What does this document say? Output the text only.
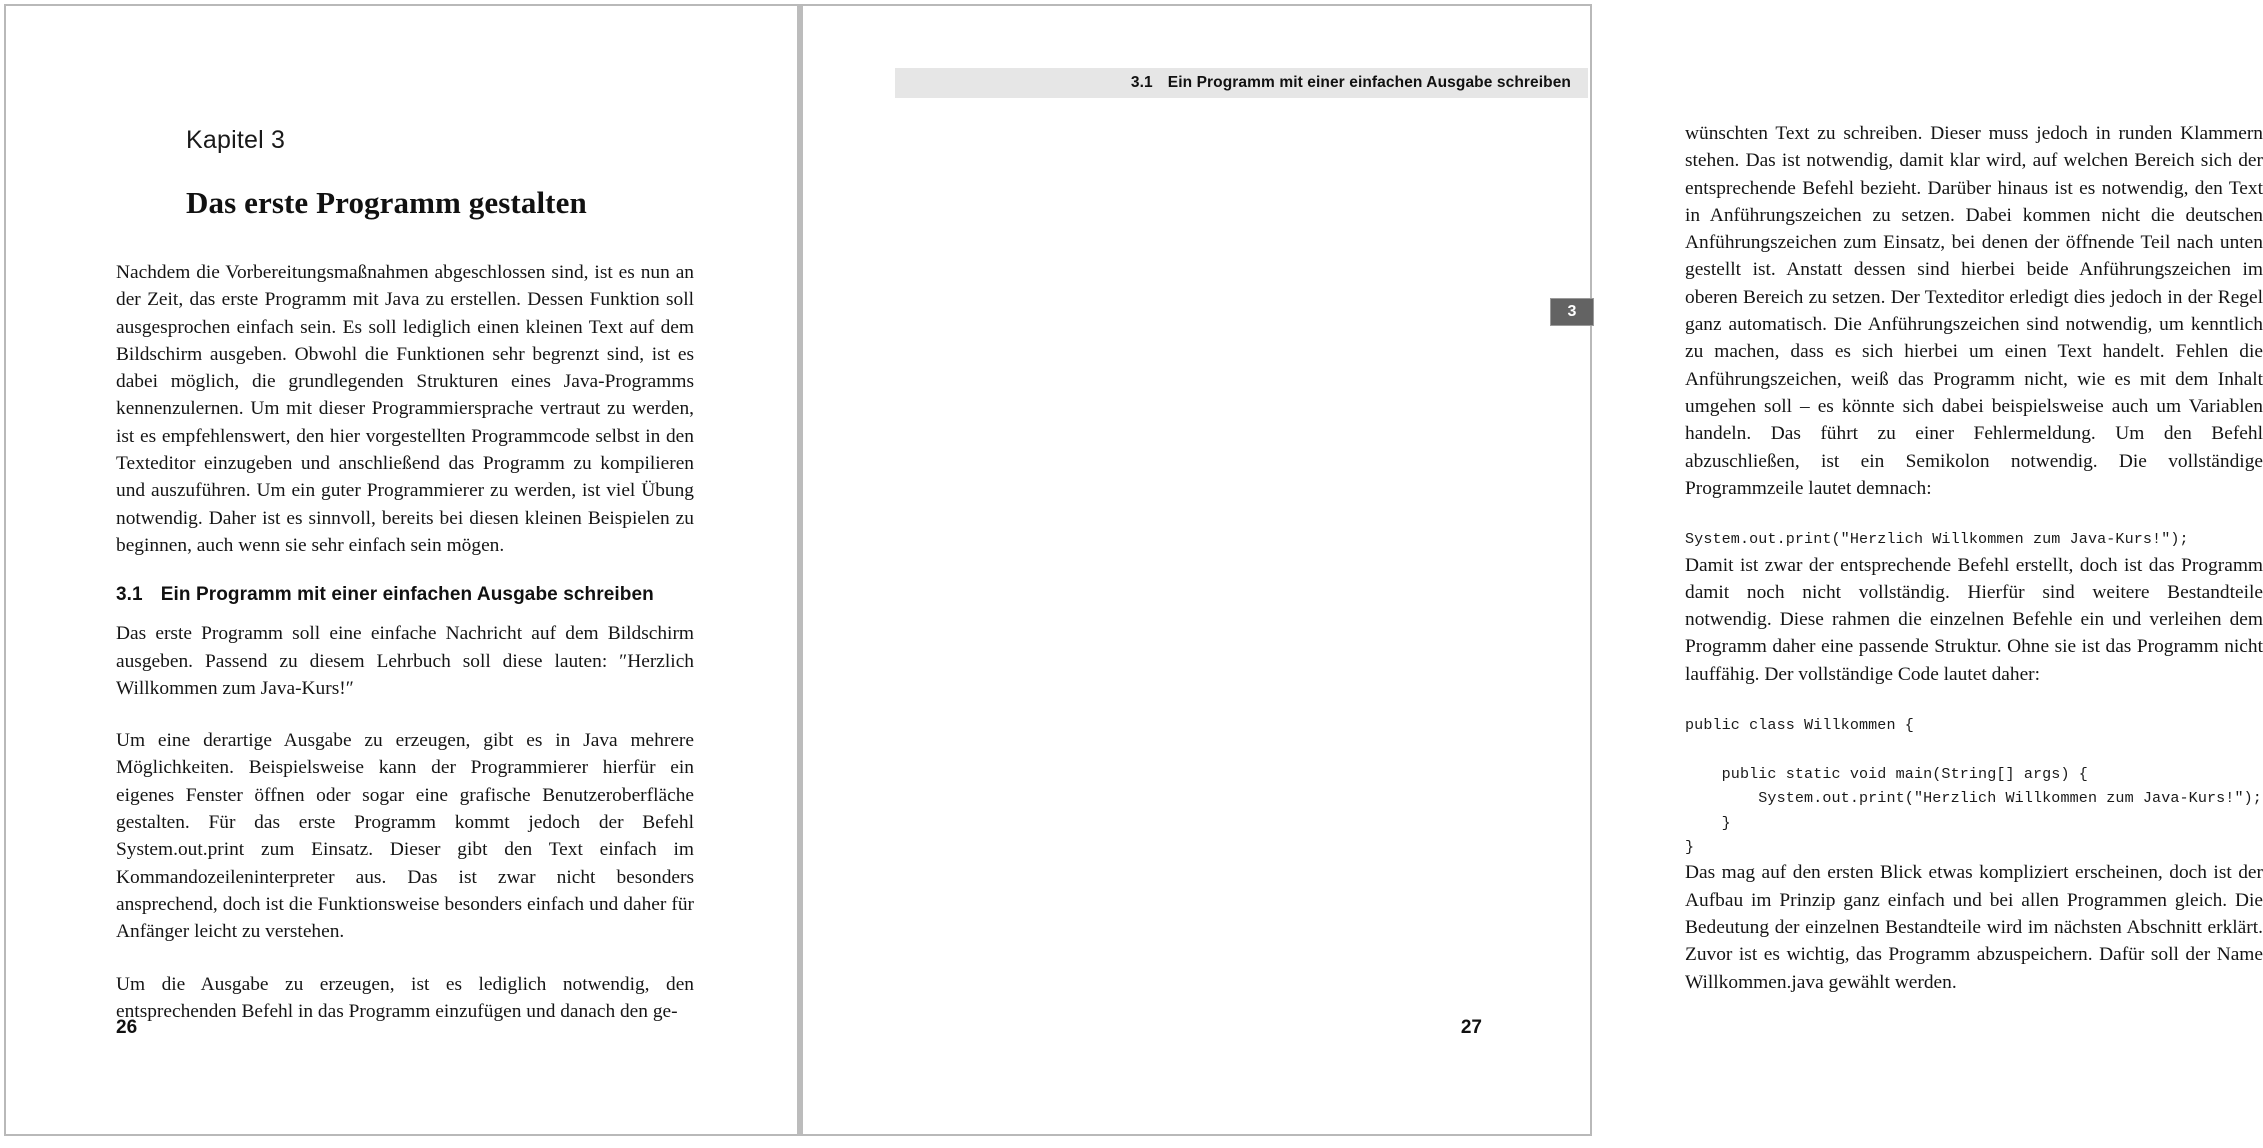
Kapitel 3
Das erste Programm gestalten

Nachdem die Vorbereitungsmaßnahmen abgeschlossen sind, ist es nun an der Zeit, das erste Programm mit Java zu erstellen. Dessen Funktion soll ausgesprochen einfach sein. Es soll lediglich einen kleinen Text auf dem Bildschirm ausgeben. Obwohl die Funktionen sehr begrenzt sind, ist es dabei möglich, die grundlegenden Strukturen eines Java-Programms kennenzulernen. Um mit dieser Programmiersprache vertraut zu werden, ist es empfehlenswert, den hier vorgestellten Programmcode selbst in den Texteditor einzugeben und anschließend das Programm zu kompilieren und auszuführen. Um ein guter Programmierer zu werden, ist viel Übung notwendig. Daher ist es sinnvoll, bereits bei diesen kleinen Beispielen zu beginnen, auch wenn sie sehr einfach sein mögen.

3.1 Ein Programm mit einer einfachen Ausgabe schreiben

Das erste Programm soll eine einfache Nachricht auf dem Bildschirm ausgeben. Passend zu diesem Lehrbuch soll diese lauten: ″Herzlich Willkommen zum Java-Kurs!″

Um eine derartige Ausgabe zu erzeugen, gibt es in Java mehrere Möglichkeiten. Beispielsweise kann der Programmierer hierfür ein eigenes Fenster öffnen oder sogar eine grafische Benutzeroberfläche gestalten. Für das erste Programm kommt jedoch der Befehl System.out.print zum Einsatz. Dieser gibt den Text einfach im Kommandozeileninterpreter aus. Das ist zwar nicht besonders ansprechend, doch ist die Funktionsweise besonders einfach und daher für Anfänger leicht zu verstehen.

Um die Ausgabe zu erzeugen, ist es lediglich notwendig, den entsprechenden Befehl in das Programm einzufügen und danach den ge-

26
3.1 Ein Programm mit einer einfachen Ausgabe schreiben
3

wünschten Text zu schreiben. Dieser muss jedoch in runden Klammern stehen. Das ist notwendig, damit klar wird, auf welchen Bereich sich der entsprechende Befehl bezieht. Darüber hinaus ist es notwendig, den Text in Anführungszeichen zu setzen. Dabei kommen nicht die deutschen Anführungszeichen zum Einsatz, bei denen der öffnende Teil nach unten gestellt ist. Anstatt dessen sind hierbei beide Anführungszeichen im oberen Bereich zu setzen. Der Texteditor erledigt dies jedoch in der Regel ganz automatisch. Die Anführungszeichen sind notwendig, um kenntlich zu machen, dass es sich hierbei um einen Text handelt. Fehlen die Anführungszeichen, weiß das Programm nicht, wie es mit dem Inhalt umgehen soll – es könnte sich dabei beispielsweise auch um Variablen handeln. Das führt zu einer Fehlermeldung. Um den Befehl abzuschließen, ist ein Semikolon notwendig. Die vollständige Programmzeile lautet demnach:

System.out.print("Herzlich Willkommen zum Java-Kurs!");

Damit ist zwar der entsprechende Befehl erstellt, doch ist das Programm damit noch nicht vollständig. Hierfür sind weitere Bestandteile notwendig. Diese rahmen die einzelnen Befehle ein und verleihen dem Programm daher eine passende Struktur. Ohne sie ist das Programm nicht lauffähig. Der vollständige Code lautet daher:

public class Willkommen {

public static void main(String[] args) {
System.out.print("Herzlich Willkommen zum Java-Kurs!");
}
}

Das mag auf den ersten Blick etwas kompliziert erscheinen, doch ist der Aufbau im Prinzip ganz einfach und bei allen Programmen gleich. Die Bedeutung der einzelnen Bestandteile wird im nächsten Abschnitt erklärt. Zuvor ist es wichtig, das Programm abzuspeichern. Dafür soll der Name Willkommen.java gewählt werden.

27
